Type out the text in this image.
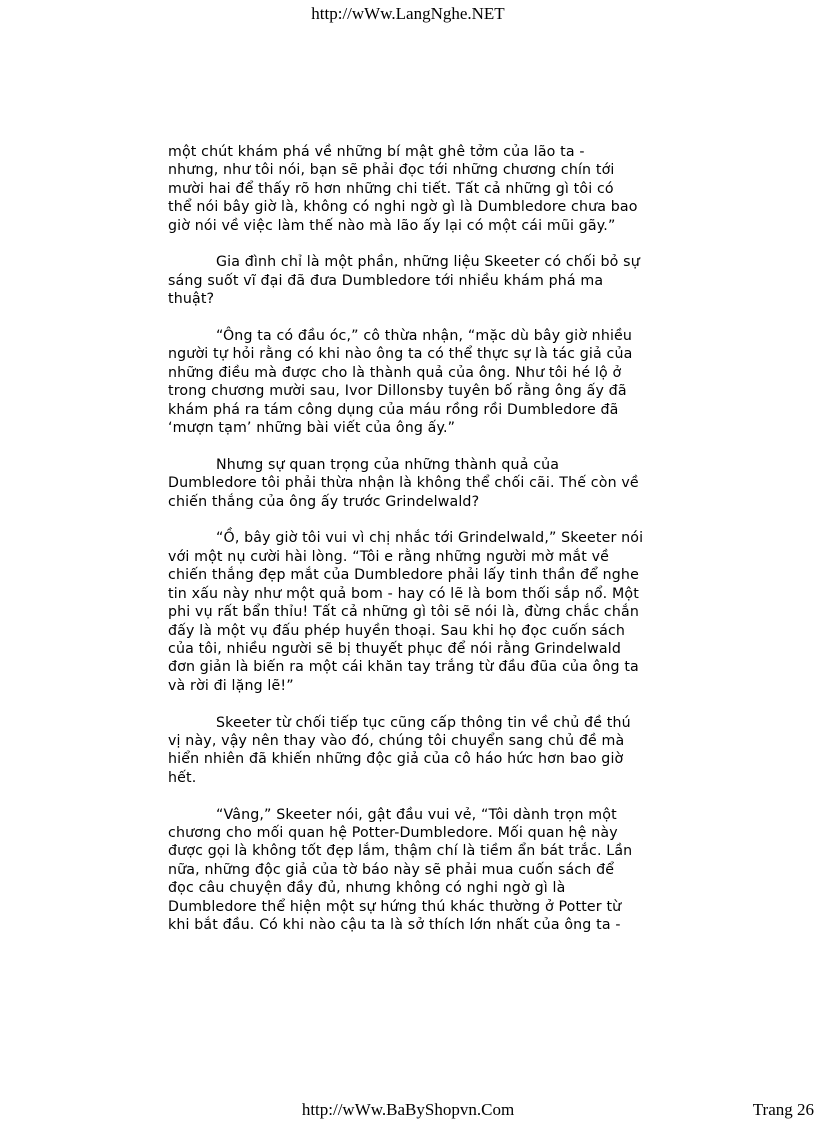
http://wWw.LangNghe.NET

một chút khám phá về những bí mật ghê tởm của lão ta -
nhưng, như tôi nói, bạn sẽ phải đọc tới những chương chín tới
mười hai để thấy rõ hơn những chi tiết. Tất cả những gì tôi có
thể nói bây giờ là, không có nghi ngờ gì là Dumbledore chưa bao
giờ nói về việc làm thế nào mà lão ấy lại có một cái mũi gãy.”

Gia đình chỉ là một phần, những liệu Skeeter có chối bỏ sự
sáng suốt vĩ đại đã đưa Dumbledore tới nhiều khám phá ma
thuật?

“Ông ta có đầu óc,” cô thừa nhận, “mặc dù bây giờ nhiều
người tự hỏi rằng có khi nào ông ta có thể thực sự là tác giả của
những điều mà được cho là thành quả của ông. Như tôi hé lộ ở
trong chương mười sau, Ivor Dillonsby tuyên bố rằng ông ấy đã
khám phá ra tám công dụng của máu rồng rồi Dumbledore đã
‘mượn tạm’ những bài viết của ông ấy.”

Nhưng sự quan trọng của những thành quả của
Dumbledore tôi phải thừa nhận là không thể chối cãi. Thế còn về
chiến thắng của ông ấy trước Grindelwald?

“Ồ, bây giờ tôi vui vì chị nhắc tới Grindelwald,” Skeeter nói
với một nụ cười hài lòng. “Tôi e rằng những người mờ mắt về
chiến thắng đẹp mắt của Dumbledore phải lấy tinh thần để nghe
tin xấu này như một quả bom - hay có lẽ là bom thối sắp nổ. Một
phi vụ rất bẩn thỉu! Tất cả những gì tôi sẽ nói là, đừng chắc chắn
đấy là một vụ đấu phép huyền thoại. Sau khi họ đọc cuốn sách
của tôi, nhiều người sẽ bị thuyết phục để nói rằng Grindelwald
đơn giản là biến ra một cái khăn tay trắng từ đầu đũa của ông ta
và rời đi lặng lẽ!”

Skeeter từ chối tiếp tục cũng cấp thông tin về chủ đề thú
vị này, vậy nên thay vào đó, chúng tôi chuyển sang chủ đề mà
hiển nhiên đã khiến những độc giả của cô háo hức hơn bao giờ
hết.

“Vâng,” Skeeter nói, gật đầu vui vẻ, “Tôi dành trọn một
chương cho mối quan hệ Potter-Dumbledore. Mối quan hệ này
được gọi là không tốt đẹp lắm, thậm chí là tiềm ẩn bát trắc. Lần
nữa, những độc giả của tờ báo này sẽ phải mua cuốn sách để
đọc câu chuyện đầy đủ, nhưng không có nghi ngờ gì là
Dumbledore thể hiện một sự hứng thú khác thường ở Potter từ
khi bắt đầu. Có khi nào cậu ta là sở thích lớn nhất của ông ta -

http://wWw.BaByShopvn.Com	Trang 26
